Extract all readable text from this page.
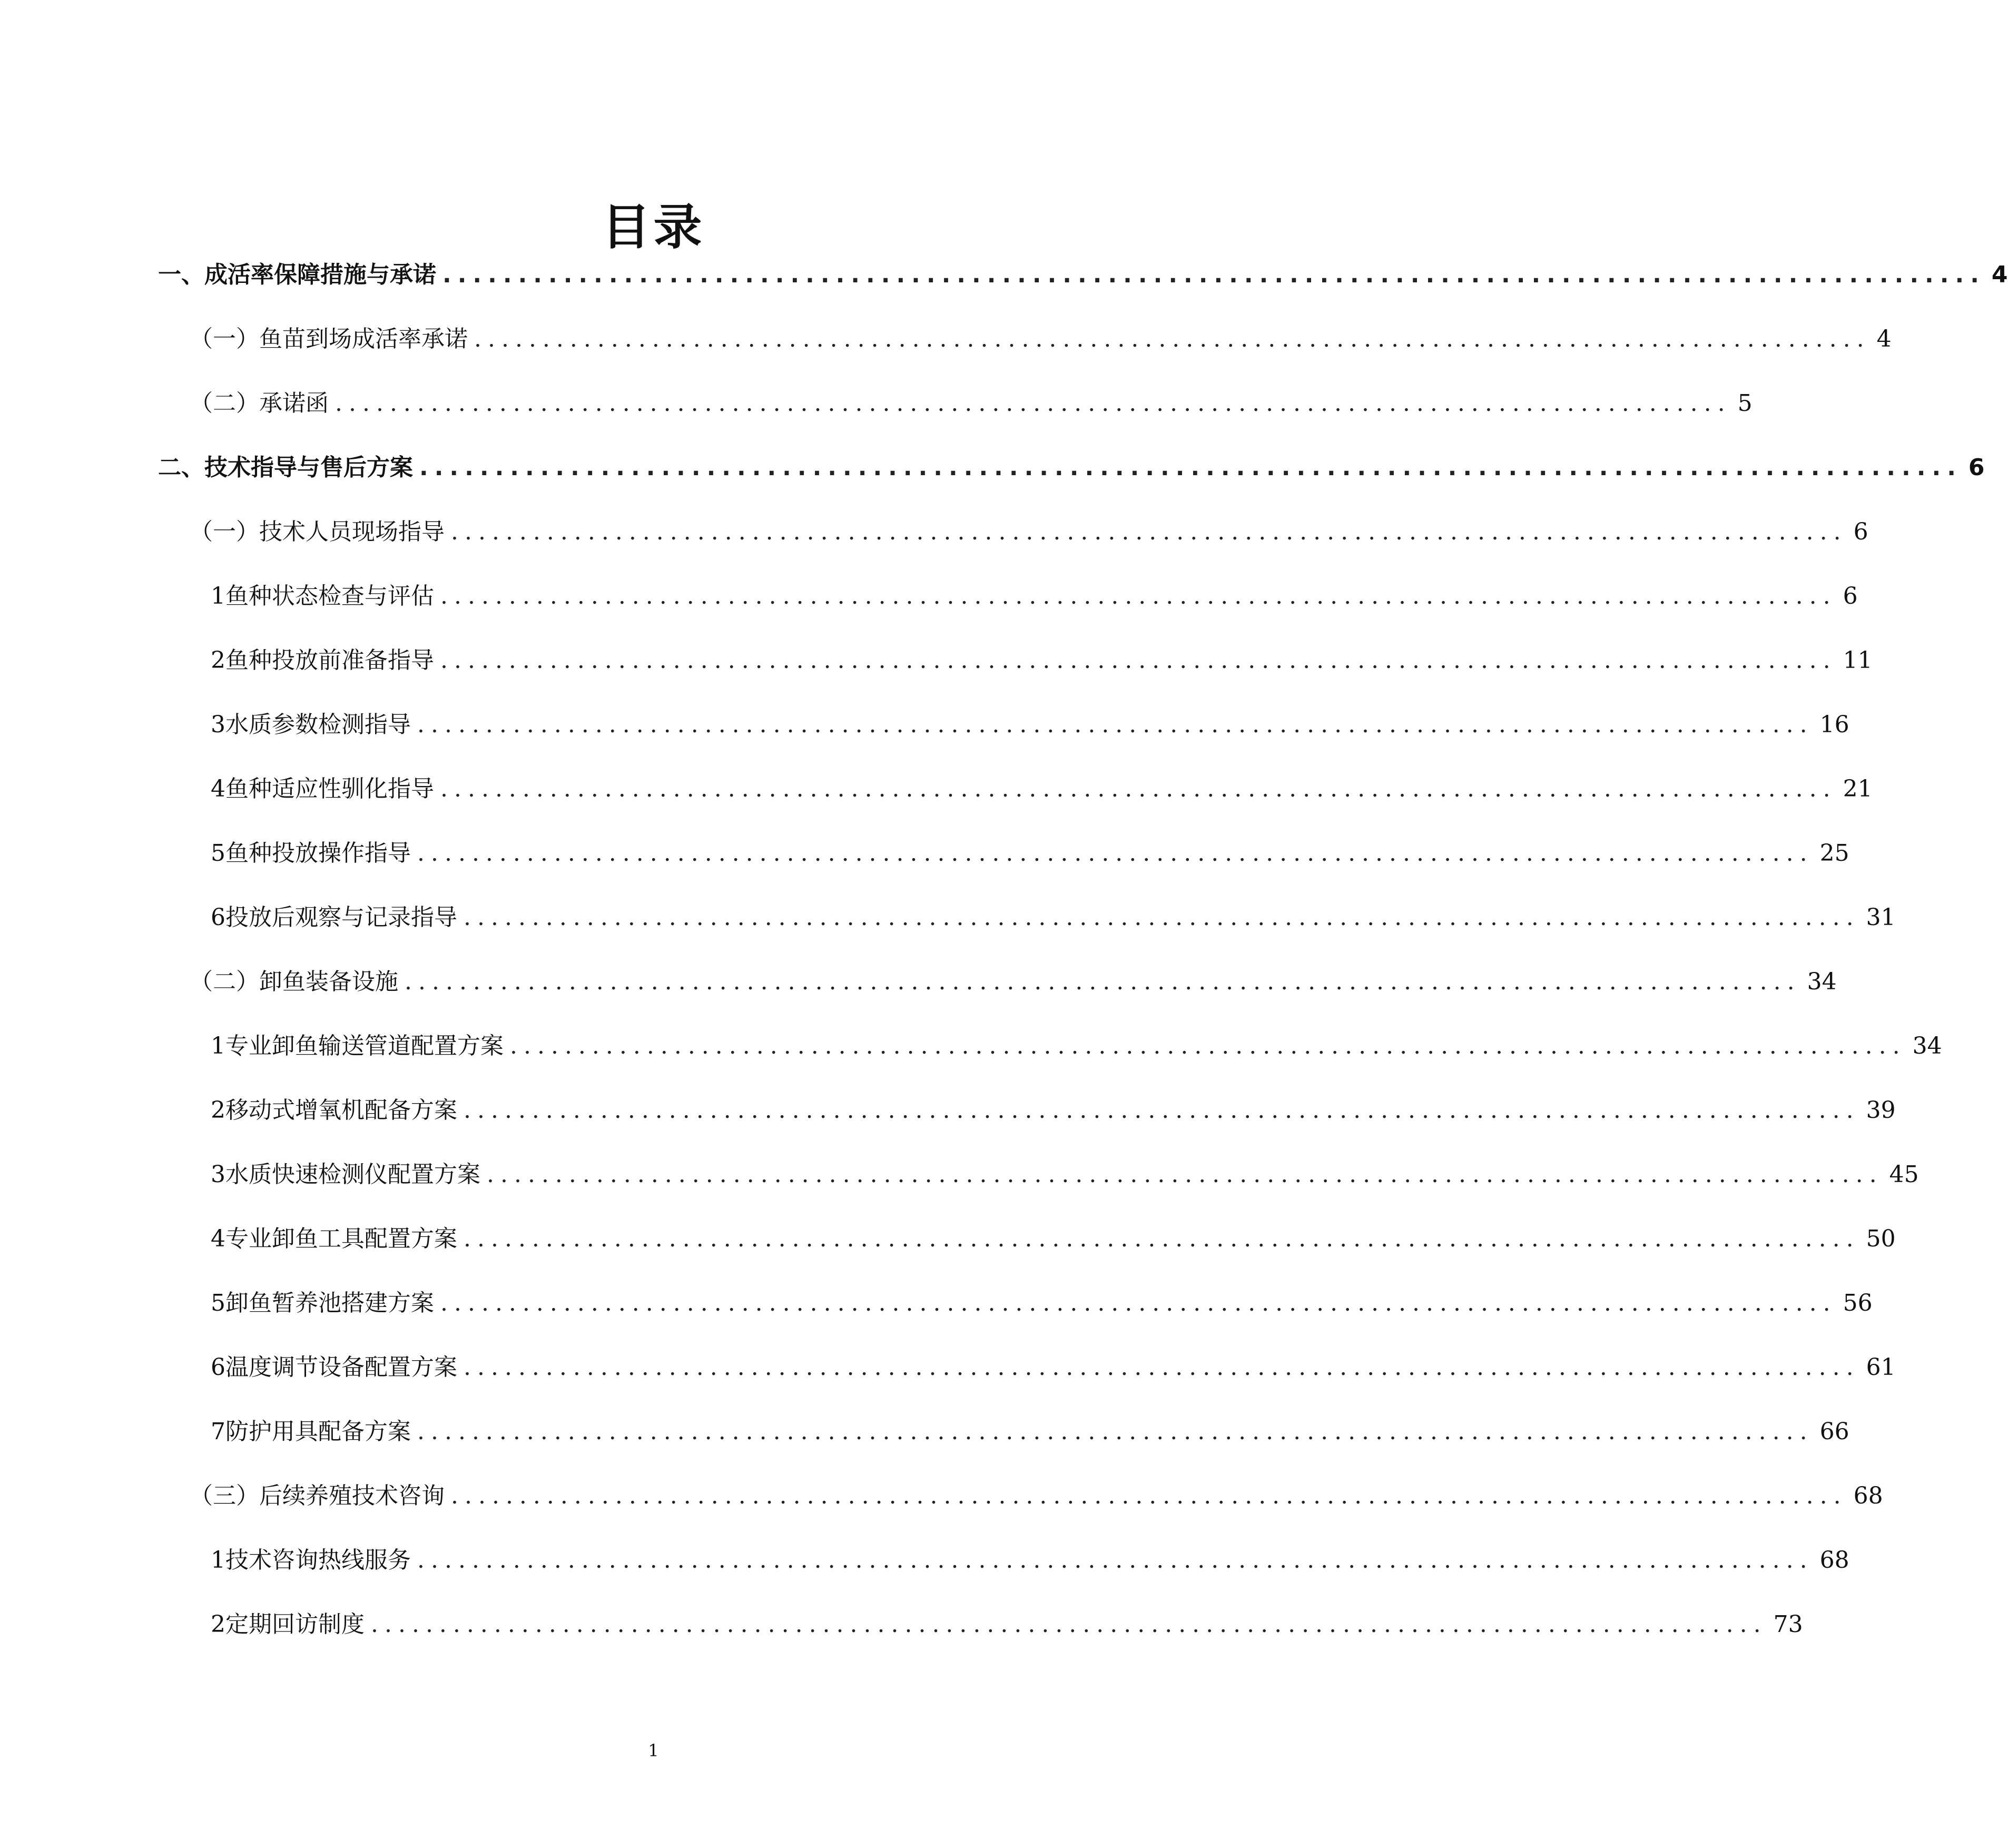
目录
一、 成活率保障措施与承诺 ...................................................................................................... 4
（一） 鱼苗到场成活率承诺 ...................................................................................................... 4
（二） 承诺函 ...................................................................................................... 5
二、 技术指导与售后方案 ...................................................................................................... 6
（一） 技术人员现场指导 ...................................................................................................... 6
1 鱼种状态检查与评估 ...................................................................................................... 6
2 鱼种投放前准备指导 ...................................................................................................... 11
3 水质参数检测指导 ...................................................................................................... 16
4 鱼种适应性驯化指导 ...................................................................................................... 21
5 鱼种投放操作指导 ...................................................................................................... 25
6 投放后观察与记录指导 ...................................................................................................... 31
（二） 卸鱼装备设施 ...................................................................................................... 34
1 专业卸鱼输送管道配置方案 ...................................................................................................... 34
2 移动式增氧机配备方案 ...................................................................................................... 39
3 水质快速检测仪配置方案 ...................................................................................................... 45
4 专业卸鱼工具配置方案 ...................................................................................................... 50
5 卸鱼暂养池搭建方案 ...................................................................................................... 56
6 温度调节设备配置方案 ...................................................................................................... 61
7 防护用具配备方案 ...................................................................................................... 66
（三） 后续养殖技术咨询 ...................................................................................................... 68
1 技术咨询热线服务 ...................................................................................................... 68
2 定期回访制度 ...................................................................................................... 73
1
